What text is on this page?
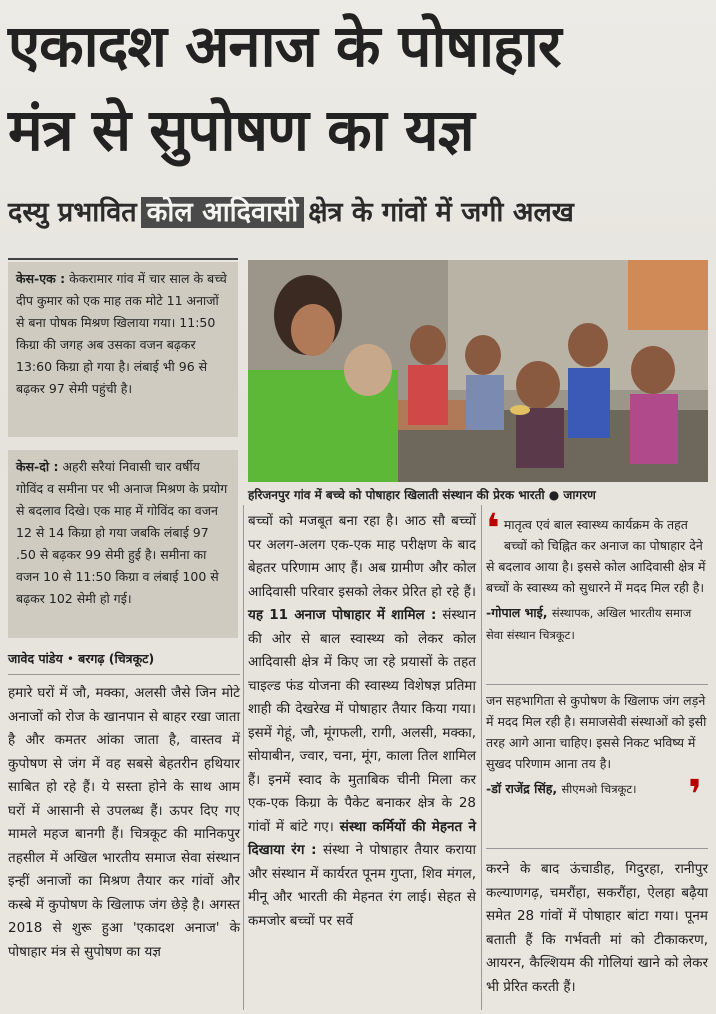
एकादश अनाज के पोषाहार
मंत्र से सुपोषण का यज्ञ
दस्यु प्रभावित कोल आदिवासी क्षेत्र के गांवों में जगी अलख
केस-एक : केकरामार गांव में चार साल के बच्चे दीप कुमार को एक माह तक मोटे 11 अनाजों से बना पोषक मिश्रण खिलाया गया। 11:50 किग्रा की जगह अब उसका वजन बढ़कर 13:60 किग्रा हो गया है। लंबाई भी 96 से बढ़कर 97 सेमी पहुंची है।
केस-दो : अहरी सरैयां निवासी चार वर्षीय गोविंद व समीना पर भी अनाज मिश्रण के प्रयोग से बदलाव दिखे। एक माह में गोविंद का वजन 12 से 14 किग्रा हो गया जबकि लंबाई 97 .50 से बढ़कर 99 सेमी हुई है। समीना का वजन 10 से 11:50 किग्रा व लंबाई 100 से बढ़कर 102 सेमी हो गई।
जावेद पांडेय • बरगढ़ (चित्रकूट)
हमारे घरों में जौ, मक्का, अलसी जैसे जिन मोटे अनाजों को रोज के खानपान से बाहर रखा जाता है और कमतर आंका जाता है, वास्तव में कुपोषण से जंग में वह सबसे बेहतरीन हथियार साबित हो रहे हैं। ये सस्ता होने के साथ आम घरों में आसानी से उपलब्ध हैं। ऊपर दिए गए मामले महज बानगी हैं। चित्रकूट की मानिकपुर तहसील में अखिल भारतीय समाज सेवा संस्थान इन्हीं अनाजों का मिश्रण तैयार कर गांवों और कस्बे में कुपोषण के खिलाफ जंग छेड़े है। अगस्त 2018 से शुरू हुआ 'एकादश अनाज' के पोषाहार मंत्र से सुपोषण का यज्ञ
हरिजनपुर गांव में बच्चे को पोषाहार खिलाती संस्थान की प्रेरक भारती ● जागरण
बच्चों को मजबूत बना रहा है। आठ सौ बच्चों पर अलग-अलग एक-एक माह परीक्षण के बाद बेहतर परिणाम आए हैं। अब ग्रामीण और कोल आदिवासी परिवार इसको लेकर प्रेरित हो रहे हैं। यह 11 अनाज पोषाहार में शामिल : संस्थान की ओर से बाल स्वास्थ्य को लेकर कोल आदिवासी क्षेत्र में किए जा रहे प्रयासों के तहत चाइल्ड फंड योजना की स्वास्थ्य विशेषज्ञ प्रतिमा शाही की देखरेख में पोषाहार तैयार किया गया। इसमें गेहूं, जौ, मूंगफली, रागी, अलसी, मक्का, सोयाबीन, ज्वार, चना, मूंग, काला तिल शामिल हैं। इनमें स्वाद के मुताबिक चीनी मिला कर एक-एक किग्रा के पैकेट बनाकर क्षेत्र के 28 गांवों में बांटे गए। संस्था कर्मियों की मेहनत ने दिखाया रंग : संस्था ने पोषाहार तैयार कराया और संस्थान में कार्यरत पूनम गुप्ता, शिव मंगल, मीनू और भारती की मेहनत रंग लाई। सेहत से कमजोर बच्चों पर सर्वे
❛ मातृत्व एवं बाल स्वास्थ्य कार्यक्रम के तहत बच्चों को चिह्नित कर अनाज का पोषाहार देने से बदलाव आया है। इससे कोल आदिवासी क्षेत्र में बच्चों के स्वास्थ्य को सुधारने में मदद मिल रही है।
-गोपाल भाई, संस्थापक, अखिल भारतीय समाज सेवा संस्थान चित्रकूट।
जन सहभागिता से कुपोषण के खिलाफ जंग लड़ने में मदद मिल रही है। समाजसेवी संस्थाओं को इसी तरह आगे आना चाहिए। इससे निकट भविष्य में सुखद परिणाम आना तय है।
-डॉ राजेंद्र सिंह, सीएमओ चित्रकूट।	❜
करने के बाद ऊंचाडीह, गिदुरहा, रानीपुर कल्याणगढ़, चमरौंहा, सकरौंहा, ऐलहा बढ़ैया समेत 28 गांवों में पोषाहार बांटा गया। पूनम बताती हैं कि गर्भवती मां को टीकाकरण, आयरन, कैल्शियम की गोलियां खाने को लेकर भी प्रेरित करती हैं।
